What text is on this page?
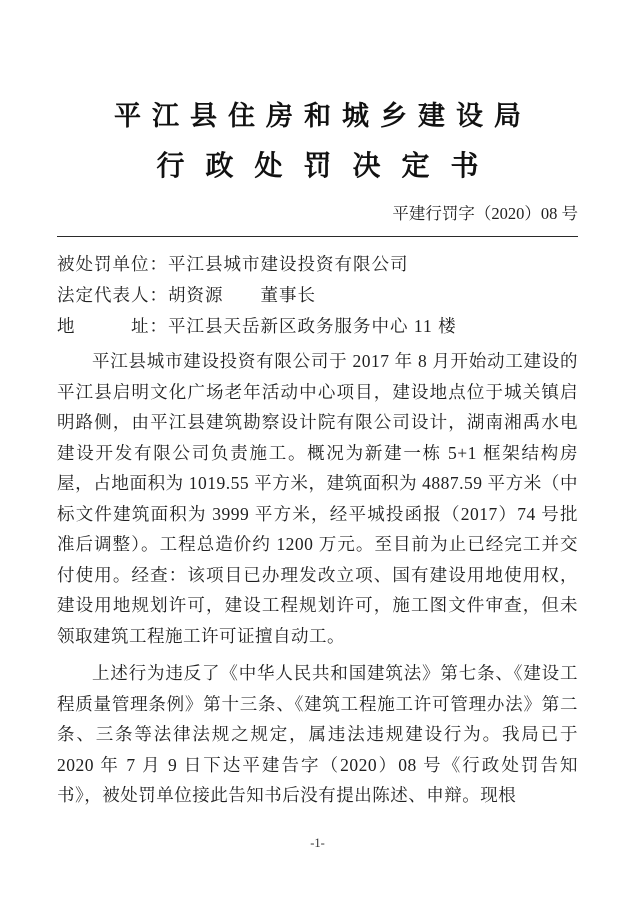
平江县住房和城乡建设局
行政处罚决定书
平建行罚字（2020）08 号
被处罚单位：平江县城市建设投资有限公司
法定代表人：胡资源　　董事长
地　　　址：平江县天岳新区政务服务中心 11 楼

平江县城市建设投资有限公司于 2017 年 8 月开始动工建设的平江县启明文化广场老年活动中心项目，建设地点位于城关镇启明路侧，由平江县建筑勘察设计院有限公司设计，湖南湘禹水电建设开发有限公司负责施工。概况为新建一栋 5+1 框架结构房屋，占地面积为 1019.55 平方米，建筑面积为 4887.59 平方米（中标文件建筑面积为 3999 平方米，经平城投函报（2017）74 号批准后调整）。工程总造价约 1200 万元。至目前为止已经完工并交付使用。经查：该项目已办理发改立项、国有建设用地使用权，建设用地规划许可，建设工程规划许可，施工图文件审查，但未领取建筑工程施工许可证擅自动工。

上述行为违反了《中华人民共和国建筑法》第七条、《建设工程质量管理条例》第十三条、《建筑工程施工许可管理办法》第二条、三条等法律法规之规定，属违法违规建设行为。我局已于 2020 年 7 月 9 日下达平建告字（2020）08 号《行政处罚告知书》，被处罚单位接此告知书后没有提出陈述、申辩。现根

-1-
